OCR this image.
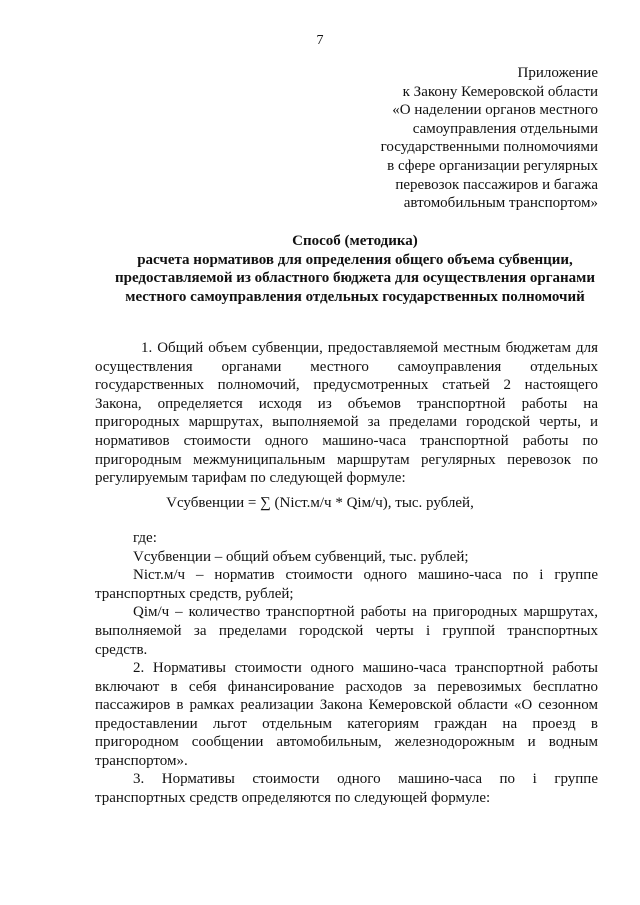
7
Приложение
к Закону Кемеровской области
«О наделении органов местного
самоуправления отдельными
государственными полномочиями
в сфере организации регулярных
перевозок пассажиров и багажа
автомобильным транспортом»
Способ (методика)
расчета нормативов для определения общего объема субвенции,
предоставляемой из областного бюджета для осуществления органами
местного самоуправления отдельных государственных полномочий
1. Общий объем субвенции, предоставляемой местным бюджетам для
осуществления органами местного самоуправления отдельных
государственных полномочий, предусмотренных статьей 2 настоящего
Закона, определяется исходя из объемов транспортной работы на
пригородных маршрутах, выполняемой за пределами городской черты, и
нормативов стоимости одного машино-часа транспортной работы по
пригородным межмуниципальным маршрутам регулярных перевозок по
регулируемым тарифам по следующей формуле:
Vсубвенции = ∑ (Niст.м/ч * Qiм/ч), тыс. рублей,
где:
Vсубвенции – общий объем субвенций, тыс. рублей;
Niст.м/ч – норматив стоимости одного машино-часа по i группе
транспортных средств, рублей;
Qiм/ч – количество транспортной работы на пригородных маршрутах,
выполняемой за пределами городской черты i группой транспортных
средств.
2. Нормативы стоимости одного машино-часа транспортной работы
включают в себя финансирование расходов за перевозимых бесплатно
пассажиров в рамках реализации Закона Кемеровской области «О сезонном
предоставлении льгот отдельным категориям граждан на проезд в
пригородном сообщении автомобильным, железнодорожным и водным
транспортом».
3. Нормативы стоимости одного машино-часа по i группе
транспортных средств определяются по следующей формуле:
